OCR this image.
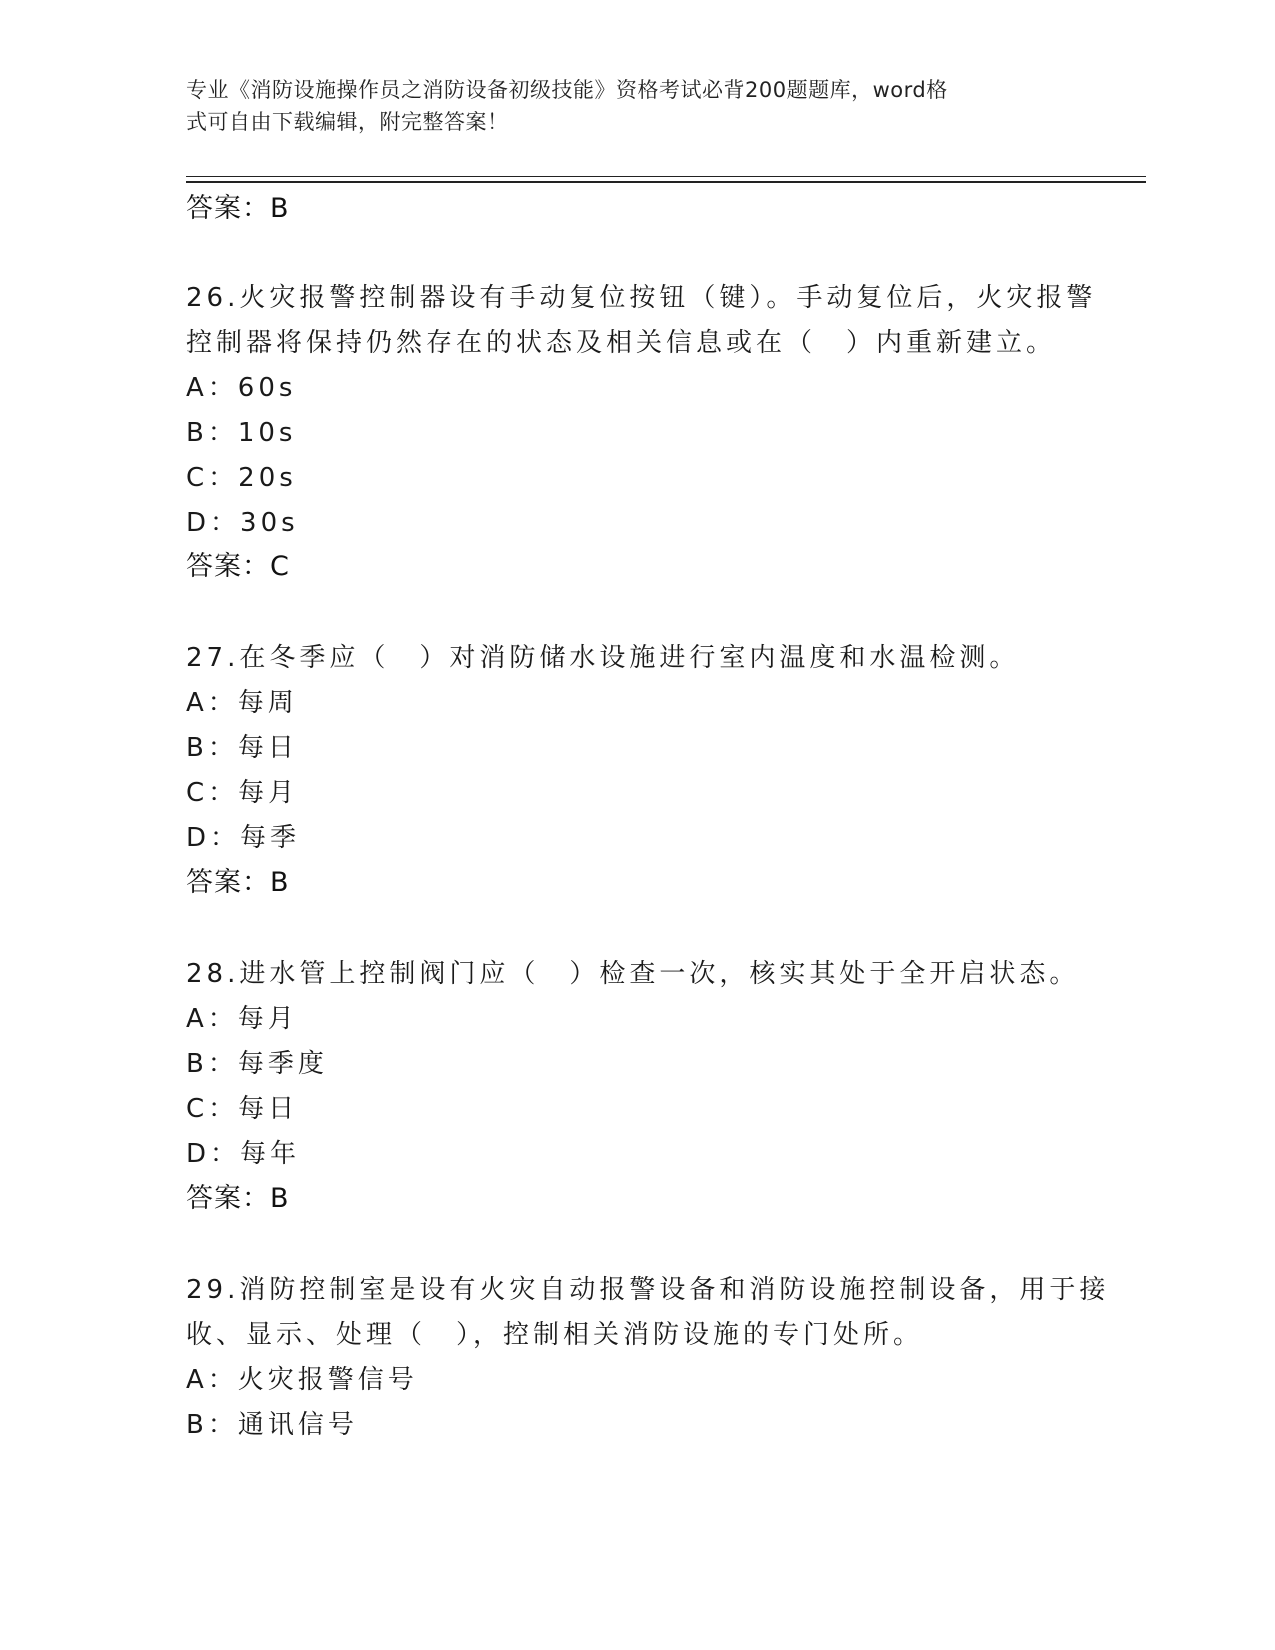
专业《消防设施操作员之消防设备初级技能》资格考试必背200题题库，word格
式可自由下载编辑，附完整答案！
答案：B
26.火灾报警控制器设有手动复位按钮（键）。手动复位后，火灾报警
控制器将保持仍然存在的状态及相关信息或在（　）内重新建立。
A：60s
B：10s
C：20s
D：30s
答案：C
27.在冬季应（　）对消防储水设施进行室内温度和水温检测。
A：每周
B：每日
C：每月
D：每季
答案：B
28.进水管上控制阀门应（　）检查一次，核实其处于全开启状态。
A：每月
B：每季度
C：每日
D：每年
答案：B
29.消防控制室是设有火灾自动报警设备和消防设施控制设备，用于接
收、显示、处理（　），控制相关消防设施的专门处所。
A：火灾报警信号
B：通讯信号
